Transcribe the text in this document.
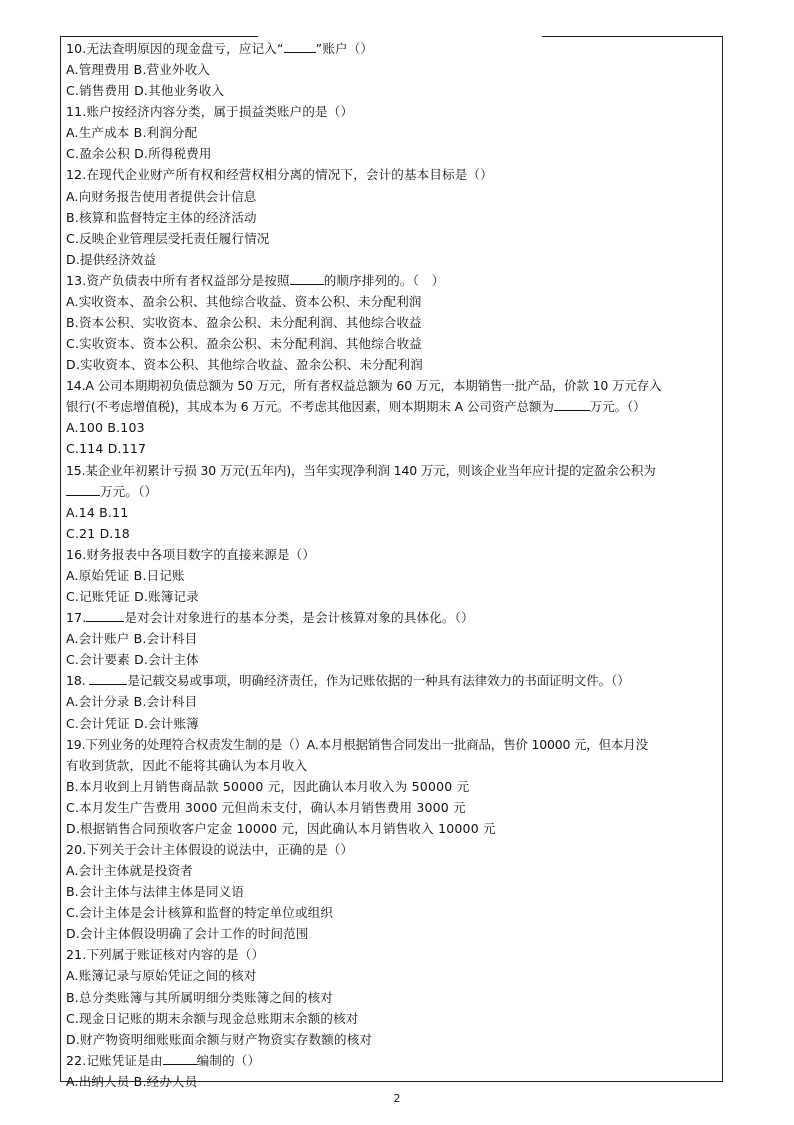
10.无法查明原因的现金盘亏，应记入“	”账户（）
A.管理费用 B.营业外收入
C.销售费用 D.其他业务收入
11.账户按经济内容分类，属于损益类账户的是（）
A.生产成本 B.利润分配
C.盈余公积 D.所得税费用
12.在现代企业财产所有权和经营权相分离的情况下，会计的基本目标是（）
A.向财务报告使用者提供会计信息
B.核算和监督特定主体的经济活动
C.反映企业管理层受托责任履行情况
D.提供经济效益
13.资产负债表中所有者权益部分是按照	的顺序排列的。（　）
A.实收资本、盈余公积、其他综合收益、资本公积、未分配利润
B.资本公积、实收资本、盈余公积、未分配利润、其他综合收益
C.实收资本、资本公积、盈余公积、未分配利润、其他综合收益
D.实收资本、资本公积、其他综合收益、盈余公积、未分配利润
14.A 公司本期期初负债总额为 50 万元，所有者权益总额为 60 万元，本期销售一批产品，价款 10 万元存入
银行(不考虑增值税)，其成本为 6 万元。不考虑其他因素，则本期期末 A 公司资产总额为	万元。（）
A.100 B.103
C.114 D.117
15.某企业年初累计亏损 30 万元(五年内)，当年实现净利润 140 万元，则该企业当年应计提的定盈余公积为
万元。（）
A.14 B.11
C.21 D.18
16.财务报表中各项目数字的直接来源是（）
A.原始凭证 B.日记账
C.记账凭证 D.账簿记录
17.	是对会计对象进行的基本分类，是会计核算对象的具体化。（）
A.会计账户 B.会计科目
C.会计要素 D.会计主体
18.	是记载交易或事项，明确经济责任，作为记账依据的一种具有法律效力的书面证明文件。（）
A.会计分录 B.会计科目
C.会计凭证 D.会计账簿
19.下列业务的处理符合权责发生制的是（）A.本月根据销售合同发出一批商品，售价 10000 元，但本月没
有收到货款，因此不能将其确认为本月收入
B.本月收到上月销售商品款 50000 元，因此确认本月收入为 50000 元
C.本月发生广告费用 3000 元但尚未支付，确认本月销售费用 3000 元
D.根据销售合同预收客户定金 10000 元，因此确认本月销售收入 10000 元
20.下列关于会计主体假设的说法中，正确的是（）
A.会计主体就是投资者
B.会计主体与法律主体是同义语
C.会计主体是会计核算和监督的特定单位或组织
D.会计主体假设明确了会计工作的时间范围
21.下列属于账证核对内容的是（）
A.账簿记录与原始凭证之间的核对
B.总分类账簿与其所属明细分类账簿之间的核对
C.现金日记账的期末余额与现金总账期末余额的核对
D.财产物资明细账账面余额与财产物资实存数额的核对
22.记账凭证是由	编制的（）
A.出纳人员 B.经办人员
2
